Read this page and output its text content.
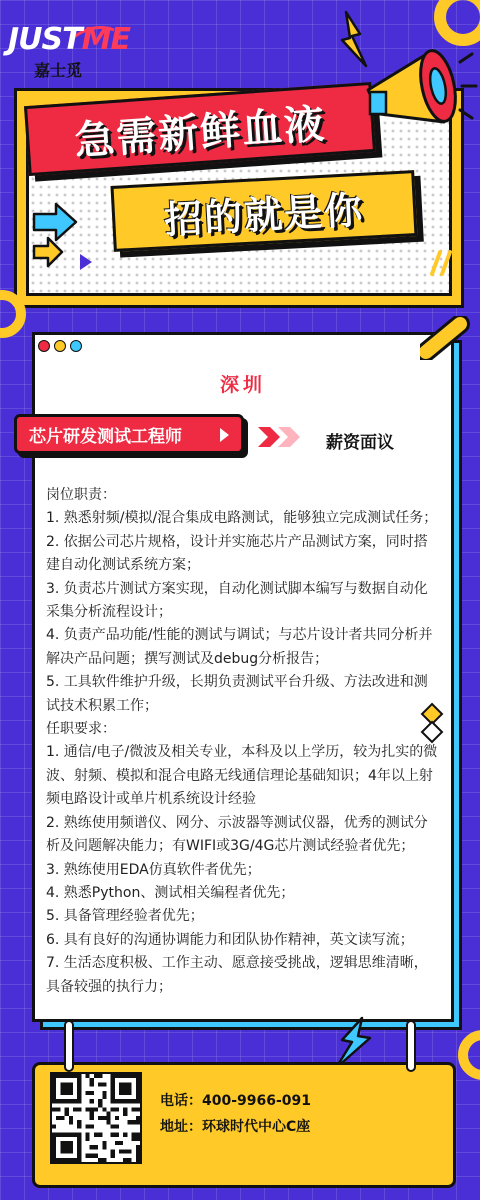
JUSTME
嘉士觅
急需新鲜血液
招的就是你
深圳
芯片研发测试工程师	薪资面议
岗位职责：
1. 熟悉射频/模拟/混合集成电路测试，能够独立完成测试任务；
2. 依据公司芯片规格，设计并实施芯片产品测试方案，同时搭建自动化测试系统方案；
3. 负责芯片测试方案实现，自动化测试脚本编写与数据自动化采集分析流程设计；
4. 负责产品功能/性能的测试与调试；与芯片设计者共同分析并解决产品问题；撰写测试及debug分析报告；
5. 工具软件维护升级，长期负责测试平台升级、方法改进和测试技术积累工作；
任职要求：
1. 通信/电子/微波及相关专业，本科及以上学历，较为扎实的微波、射频、模拟和混合电路无线通信理论基础知识；4年以上射频电路设计或单片机系统设计经验
2. 熟练使用频谱仪、网分、示波器等测试仪器，优秀的测试分析及问题解决能力；有WIFI或3G/4G芯片测试经验者优先；
3. 熟练使用EDA仿真软件者优先；
4. 熟悉Python、测试相关编程者优先；
5. 具备管理经验者优先；
6. 具有良好的沟通协调能力和团队协作精神，英文读写流；
7. 生活态度积极、工作主动、愿意接受挑战，逻辑思维清晰，具备较强的执行力；
电话：400-9966-091
地址：环球时代中心C座
